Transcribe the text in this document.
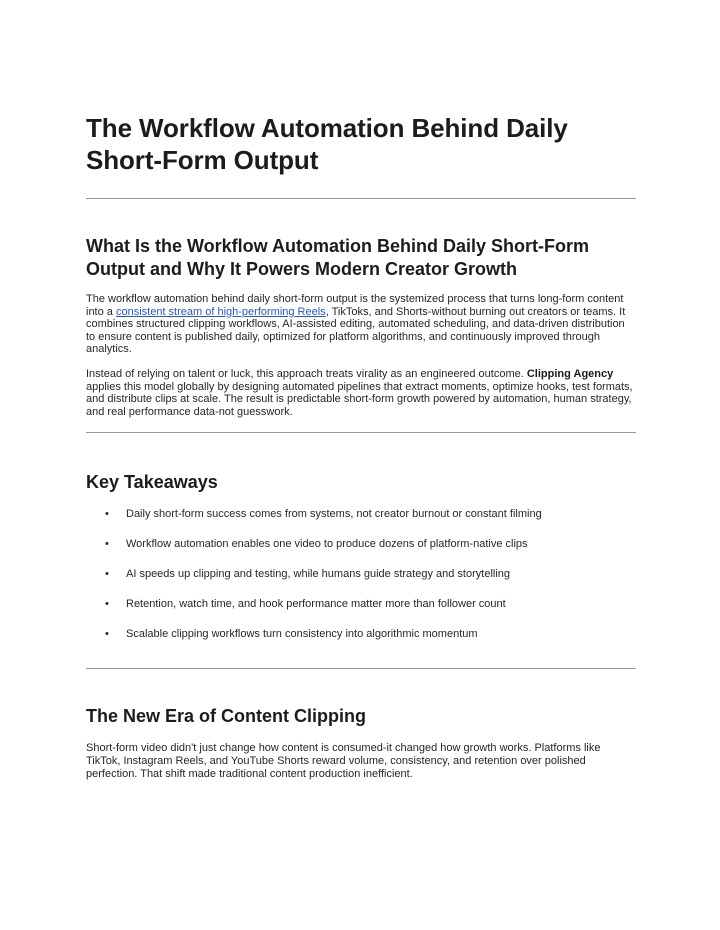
The Workflow Automation Behind Daily Short-Form Output
What Is the Workflow Automation Behind Daily Short-Form Output and Why It Powers Modern Creator Growth

The workflow automation behind daily short-form output is the systemized process that turns long-form content into a consistent stream of high-performing Reels, TikToks, and Shorts-without burning out creators or teams. It combines structured clipping workflows, AI-assisted editing, automated scheduling, and data-driven distribution to ensure content is published daily, optimized for platform algorithms, and continuously improved through analytics.

Instead of relying on talent or luck, this approach treats virality as an engineered outcome. Clipping Agency applies this model globally by designing automated pipelines that extract moments, optimize hooks, test formats, and distribute clips at scale. The result is predictable short-form growth powered by automation, human strategy, and real performance data-not guesswork.

Key Takeaways
• Daily short-form success comes from systems, not creator burnout or constant filming
• Workflow automation enables one video to produce dozens of platform-native clips
• AI speeds up clipping and testing, while humans guide strategy and storytelling
• Retention, watch time, and hook performance matter more than follower count
• Scalable clipping workflows turn consistency into algorithmic momentum
The New Era of Content Clipping

Short-form video didn't just change how content is consumed-it changed how growth works. Platforms like TikTok, Instagram Reels, and YouTube Shorts reward volume, consistency, and retention over polished perfection. That shift made traditional content production inefficient.
